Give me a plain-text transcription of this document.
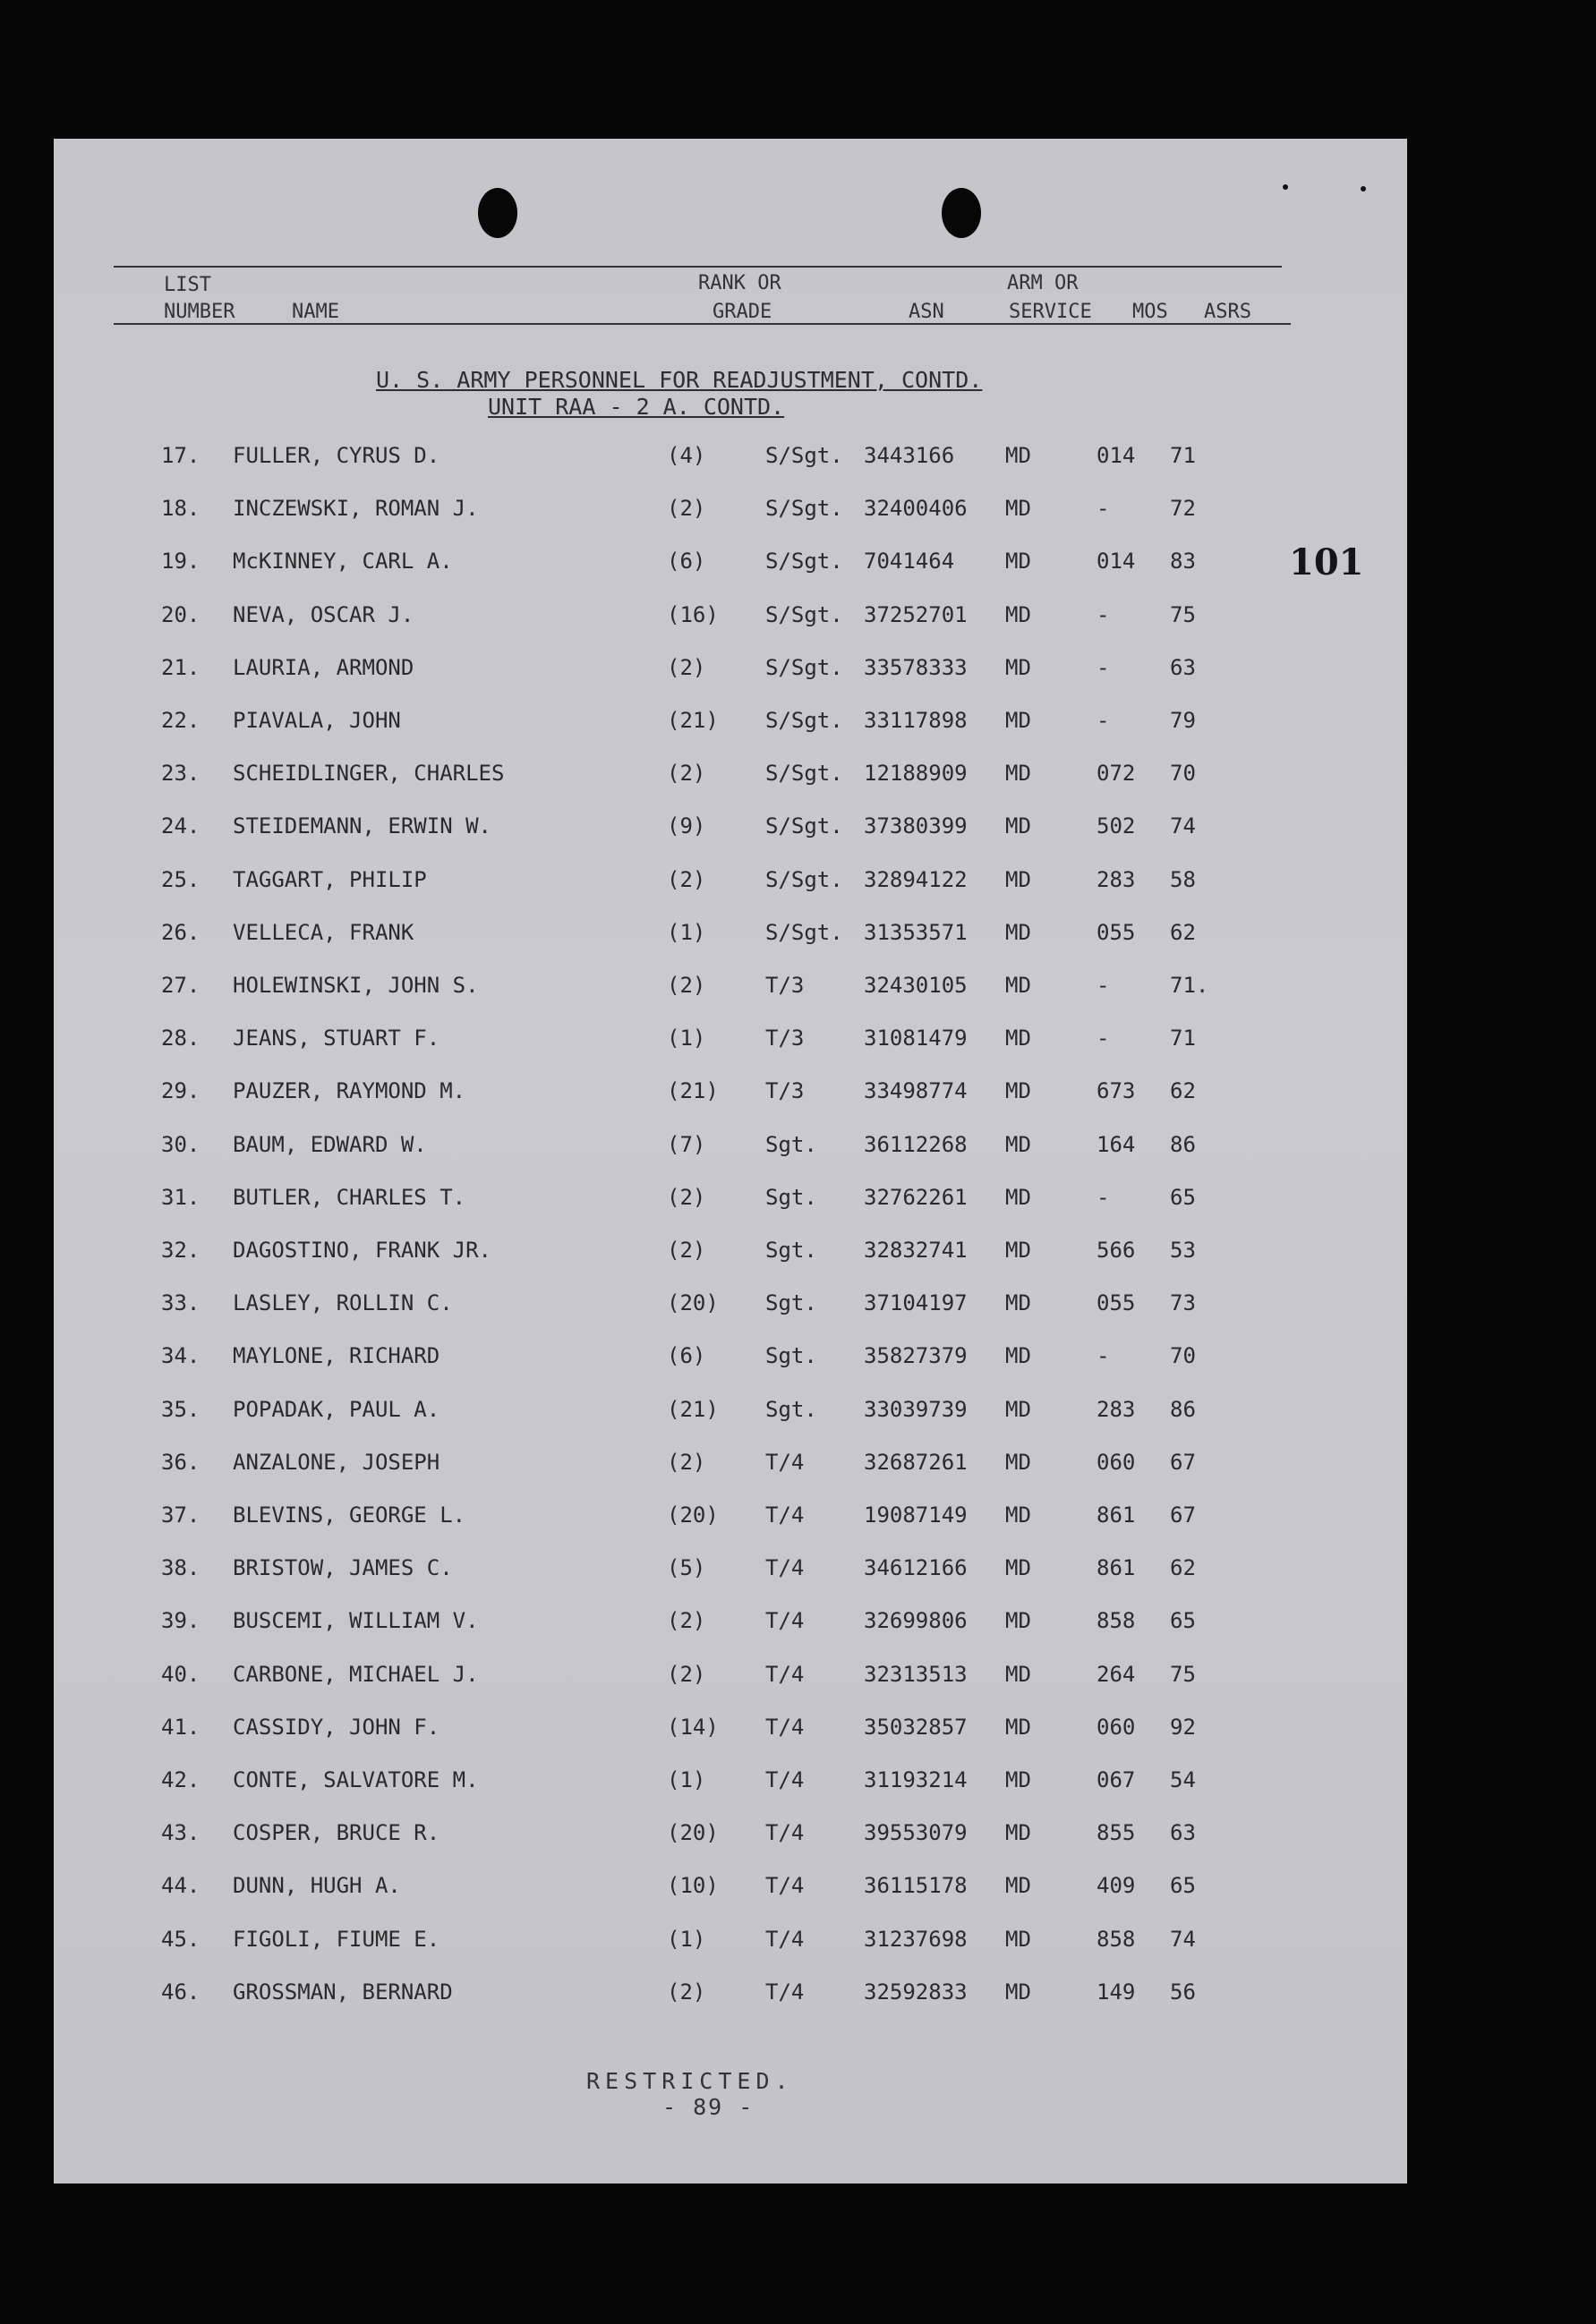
LIST
NUMBER	NAME
RANK OR
GRADE	ASN
ARM OR
SERVICE MOS ASRS
U. S. ARMY PERSONNEL FOR READJUSTMENT, CONTD.
UNIT RAA - 2 A. CONTD.
101
17. FULLER, CYRUS D.	(4)	S/Sgt. 3443166 MD	014 71
18. INCZEWSKI, ROMAN J.	(2)	S/Sgt. 32400406 MD	-	72
19. McKINNEY, CARL A.	(6)	S/Sgt. 7041464 MD	014 83
20. NEVA, OSCAR J.	(16) S/Sgt. 37252701 MD	-	75
21. LAURIA, ARMOND	(2)	S/Sgt. 33578333 MD	-	63
22. PIAVALA, JOHN	(21) S/Sgt. 33117898 MD	-	79
23. SCHEIDLINGER, CHARLES	(2)	S/Sgt. 12188909 MD	072 70
24. STEIDEMANN, ERWIN W.	(9)	S/Sgt. 37380399 MD	502 74
25. TAGGART, PHILIP	(2)	S/Sgt. 32894122 MD	283 58
26. VELLECA, FRANK	(1)	S/Sgt. 31353571 MD	055 62
27. HOLEWINSKI, JOHN S.	(2)	T/3	32430105 MD	-	71.
28. JEANS, STUART F.	(1)	T/3	31081479 MD	-	71
29. PAUZER, RAYMOND M.	(21) T/3	33498774 MD	673 62
30. BAUM, EDWARD W.	(7)	Sgt. 36112268 MD	164 86
31. BUTLER, CHARLES T.	(2)	Sgt. 32762261 MD	-	65
32. DAGOSTINO, FRANK JR.	(2)	Sgt. 32832741 MD	566 53
33. LASLEY, ROLLIN C.	(20) Sgt. 37104197 MD	055 73
34. MAYLONE, RICHARD	(6)	Sgt. 35827379 MD	-	70
35. POPADAK, PAUL A.	(21) Sgt. 33039739 MD	283 86
36. ANZALONE, JOSEPH	(2)	T/4	32687261 MD	060 67
37. BLEVINS, GEORGE L.	(20) T/4	19087149 MD	861 67
38. BRISTOW, JAMES C.	(5)	T/4	34612166 MD	861 62
39. BUSCEMI, WILLIAM V.	(2)	T/4	32699806 MD	858 65
40. CARBONE, MICHAEL J.	(2)	T/4	32313513 MD	264 75
41. CASSIDY, JOHN F.	(14) T/4	35032857 MD	060 92
42. CONTE, SALVATORE M.	(1)	T/4	31193214 MD	067 54
43. COSPER, BRUCE R.	(20) T/4	39553079 MD	855 63
44. DUNN, HUGH A.	(10) T/4	36115178 MD	409 65
45. FIGOLI, FIUME E.	(1)	T/4	31237698 MD	858 74
46. GROSSMAN, BERNARD	(2)	T/4	32592833 MD	149 56
RESTRICTED.
- 89 -
